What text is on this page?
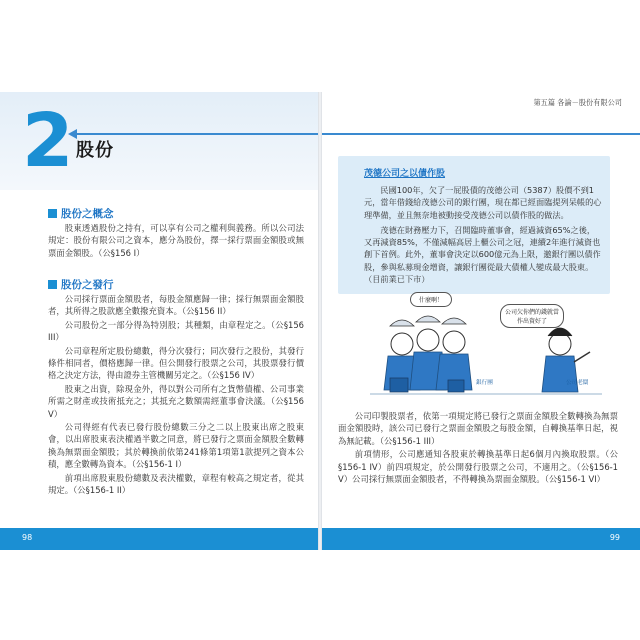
2 股份
股份之概念

股東透過股份之持有，可以享有公司之權利與義務。所以公司法規定：股份有限公司之資本，應分為股份，擇一採行票面金額股或無票面金額股。（公§156 I）

股份之發行

公司採行票面金額股者，每股金額應歸一律；採行無票面金額股者，其所得之股款應全數撥充資本。（公§156 II）

公司股份之一部分得為特別股；其種類，由章程定之。（公§156 III）

公司章程所定股份總數，得分次發行；同次發行之股份，其發行條件相同者，價格應歸一律。但公開發行股票之公司，其股票發行價格之決定方法，得由證券主管機關另定之。（公§156 IV）

股東之出資，除現金外，得以對公司所有之貨幣債權、公司事業所需之財產或技術抵充之；其抵充之數額需經董事會決議。（公§156 V）

公司得經有代表已發行股份總數三分之二以上股東出席之股東會，以出席股東表決權過半數之同意，將已發行之票面金額股全數轉換為無票面金額股；其於轉換前依第241條第1項第1款提列之資本公積，應全數轉為資本。（公§156-1 I）

前項出席股東股份總數及表決權數，章程有較高之規定者，從其規定。（公§156-1 II）

98
第五篇 各論－股份有限公司
茂德公司之以債作股

民國100年，欠了一屁股債的茂德公司（5387）股價不到1元，當年借錢給茂德公司的銀行團，現在都已經面臨提列呆帳的心理準備，並且無奈地被動接受茂德公司以債作股的做法。

茂德在財務壓力下，召開臨時董事會，經過減資65%之後，又再減資85%，不僅減幅高居上櫃公司之冠，連續2年進行減資也創下首例。此外，董事會決定以600億元為上限，邀銀行團以債作股，參與私募現金增資，讓銀行團從最大債權人變成最大股東。（目前業已下市）

什麼啊！
公司欠你們的錢就當作出資好了
銀行團	公司老闆

公司印製股票者，依第一項規定將已發行之票面金額股全數轉換為無票面金額股時，該公司已發行之票面金額股之每股金額，自轉換基準日起，視為無記載。（公§156-1 III）

前項情形，公司應通知各股東於轉換基準日起6個月內換取股票。（公§156-1 IV）前四項規定，於公開發行股票之公司，不適用之。（公§156-1 V）公司採行無票面金額股者，不得轉換為票面金額股。（公§156-1 VI）

99
